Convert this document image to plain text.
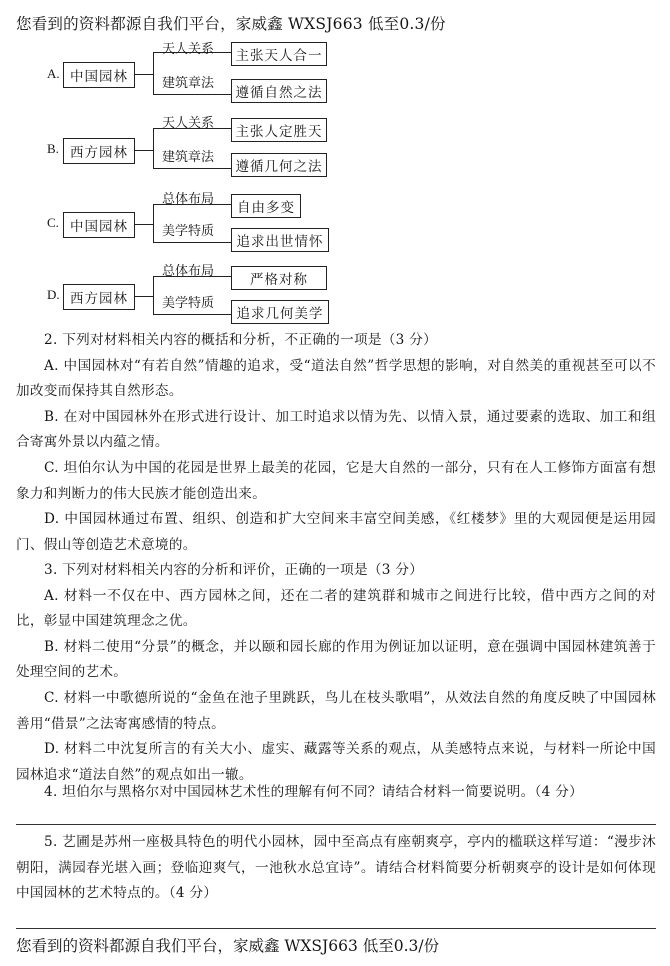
您看到的资料都源自我们平台，家威鑫 WXSJ663 低至0.3/份
A. 中国园林
天人关系
建筑章法
主张天人合一
遵循自然之法
B. 西方园林
天人关系
建筑章法
主张人定胜天
遵循几何之法
C. 中国园林
总体布局
美学特质
自由多变
追求出世情怀
D. 西方园林
总体布局
美学特质
严格对称
追求几何美学

2. 下列对材料相关内容的概括和分析，不正确的一项是（3 分）

A. 中国园林对“有若自然”情趣的追求，受“道法自然”哲学思想的影响，对自然美的重视甚至可以不加改变而保持其自然形态。

B. 在对中国园林外在形式进行设计、加工时追求以情为先、以情入景，通过要素的选取、加工和组合寄寓外景以内蕴之情。

C. 坦伯尔认为中国的花园是世界上最美的花园，它是大自然的一部分，只有在人工修饰方面富有想象力和判断力的伟大民族才能创造出来。

D. 中国园林通过布置、组织、创造和扩大空间来丰富空间美感，《红楼梦》里的大观园便是运用园门、假山等创造艺术意境的。

3. 下列对材料相关内容的分析和评价，正确的一项是（3 分）

A. 材料一不仅在中、西方园林之间，还在二者的建筑群和城市之间进行比较，借中西方之间的对比，彰显中国建筑理念之优。

B. 材料二使用“分景”的概念，并以颐和园长廊的作用为例证加以证明，意在强调中国园林建筑善于处理空间的艺术。

C. 材料一中歌德所说的“金鱼在池子里跳跃，鸟儿在枝头歌唱”，从效法自然的角度反映了中国园林善用“借景”之法寄寓感情的特点。

D. 材料二中沈复所言的有关大小、虚实、藏露等关系的观点，从美感特点来说，与材料一所论中国园林追求“道法自然”的观点如出一辙。

4. 坦伯尔与黑格尔对中国园林艺术性的理解有何不同？请结合材料一简要说明。（4 分）

5. 艺圃是苏州一座极具特色的明代小园林，园中至高点有座朝爽亭，亭内的槛联这样写道：“漫步沐朝阳，满园春光堪入画；登临迎爽气，一池秋水总宜诗”。请结合材料简要分析朝爽亭的设计是如何体现中国园林的艺术特点的。（4 分）

您看到的资料都源自我们平台，家威鑫 WXSJ663 低至0.3/份
